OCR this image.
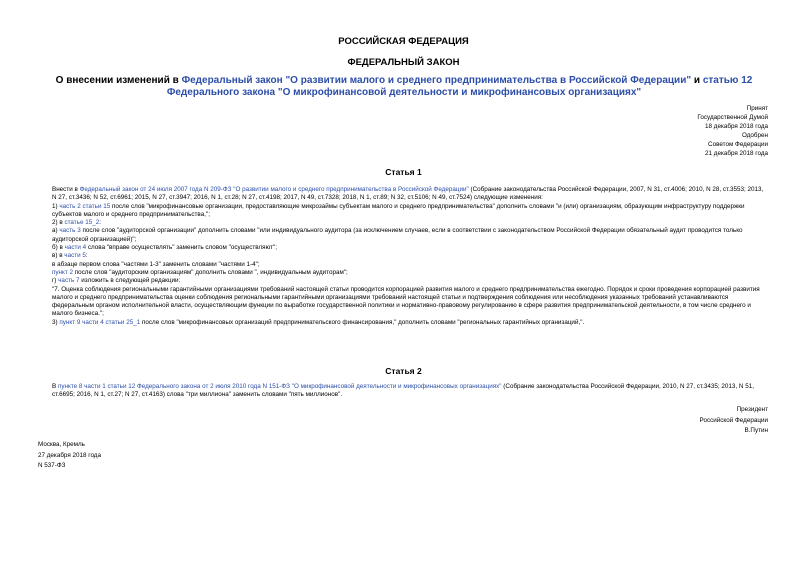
РОССИЙСКАЯ ФЕДЕРАЦИЯ
ФЕДЕРАЛЬНЫЙ ЗАКОН
О внесении изменений в Федеральный закон "О развитии малого и среднего предпринимательства в Российской Федерации" и статью 12 Федерального закона "О микрофинансовой деятельности и микрофинансовых организациях"
Принят
Государственной Думой
18 декабря 2018 года
Одобрен
Советом Федерации
21 декабря 2018 года
Статья 1
Внести в Федеральный закон от 24 июля 2007 года N 209-ФЗ "О развитии малого и среднего предпринимательства в Российской Федерации" (Собрание законодательства Российской Федерации, 2007, N 31, ст.4006; 2010, N 28, ст.3553; 2013, N 27, ст.3436; N 52, ст.6961; 2015, N 27, ст.3947; 2016, N 1, ст.28; N 27, ст.4198; 2017, N 49, ст.7328; 2018, N 1, ст.89; N 32, ст.5106; N 49, ст.7524) следующие изменения:
1) часть 2 статьи 15 после слов "микрофинансовые организации, предоставляющие микрозаймы субъектам малого и среднего предпринимательства" дополнить словами "и (или) организациям, образующим инфраструктуру поддержки субъектов малого и среднего предпринимательства,";
2) в статье 15_2:
а) часть 3 после слов "аудиторской организации" дополнить словами "или индивидуального аудитора (за исключением случаев, если в соответствии с законодательством Российской Федерации обязательный аудит проводится только аудиторской организацией)";
б) в части 4 слова "вправе осуществлять" заменить словом "осуществляют";
в) в части 5:
в абзаце первом слова "частями 1-3" заменить словами "частями 1-4";
пункт 2 после слов "аудиторским организациям" дополнить словами ", индивидуальным аудиторам";
г) часть 7 изложить в следующей редакции:
"7. Оценка соблюдения региональными гарантийными организациями требований настоящей статьи проводится корпорацией развития малого и среднего предпринимательства ежегодно. Порядок и сроки проведения корпорацией развития малого и среднего предпринимательства оценки соблюдения региональными гарантийными организациями требований настоящей статьи и подтверждения соблюдения или несоблюдения указанных требований устанавливаются федеральным органом исполнительной власти, осуществляющим функции по выработке государственной политики и нормативно-правовому регулированию в сфере развития предпринимательской деятельности, в том числе среднего и малого бизнеса.";
3) пункт 9 части 4 статьи 25_1 после слов "микрофинансовых организаций предпринимательского финансирования," дополнить словами "региональных гарантийных организаций,".
Статья 2
В пункте 8 части 1 статьи 12 Федерального закона от 2 июля 2010 года N 151-ФЗ "О микрофинансовой деятельности и микрофинансовых организациях" (Собрание законодательства Российской Федерации, 2010, N 27, ст.3435; 2013, N 51, ст.6695; 2016, N 1, ст.27; N 27, ст.4163) слова "три миллиона" заменить словами "пять миллионов".
Президент
Российской Федерации
В.Путин
Москва, Кремль
27 декабря 2018 года
N 537-ФЗ
